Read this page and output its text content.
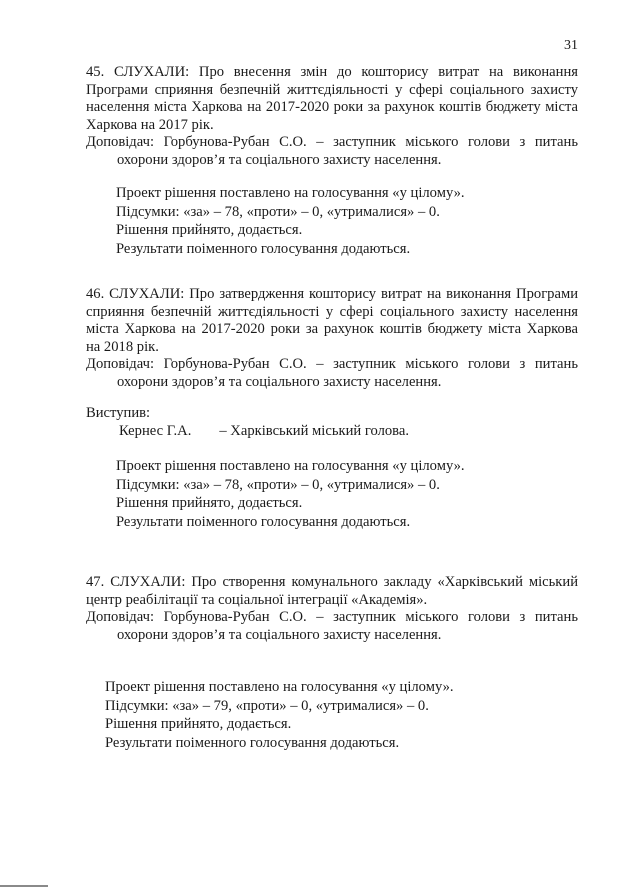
31

45. СЛУХАЛИ: Про внесення змін до кошторису витрат на виконання

Програми сприяння безпечній життєдіяльності у сфері соціального захисту

населення міста Харкова на 2017-2020 роки за рахунок коштів бюджету міста

Харкова на 2017 рік.

Доповідач: Горбунова-Рубан С.О. – заступник міського голови з питань

охорони здоров’я та соціального захисту населення.

Проект рішення поставлено на голосування «у цілому».

Підсумки: «за» – 78, «проти» – 0, «утрималися» – 0.

Рішення прийнято, додається.

Результати поіменного голосування додаються.

46. СЛУХАЛИ: Про затвердження кошторису витрат на виконання Програми

сприяння безпечній життєдіяльності у сфері соціального захисту населення

міста Харкова на 2017-2020 роки за рахунок коштів бюджету міста Харкова

на 2018 рік.

Доповідач: Горбунова-Рубан С.О. – заступник міського голови з питань

охорони здоров’я та соціального захисту населення.

Виступив:

Кернес Г.А. – Харківський міський голова.

Проект рішення поставлено на голосування «у цілому».

Підсумки: «за» – 78, «проти» – 0, «утрималися» – 0.

Рішення прийнято, додається.

Результати поіменного голосування додаються.

47. СЛУХАЛИ: Про створення комунального закладу «Харківський міський

центр реабілітації та соціальної інтеграції «Академія».

Доповідач: Горбунова-Рубан С.О. – заступник міського голови з питань

охорони здоров’я та соціального захисту населення.

Проект рішення поставлено на голосування «у цілому».

Підсумки: «за» – 79, «проти» – 0, «утрималися» – 0.

Рішення прийнято, додається.

Результати поіменного голосування додаються.
